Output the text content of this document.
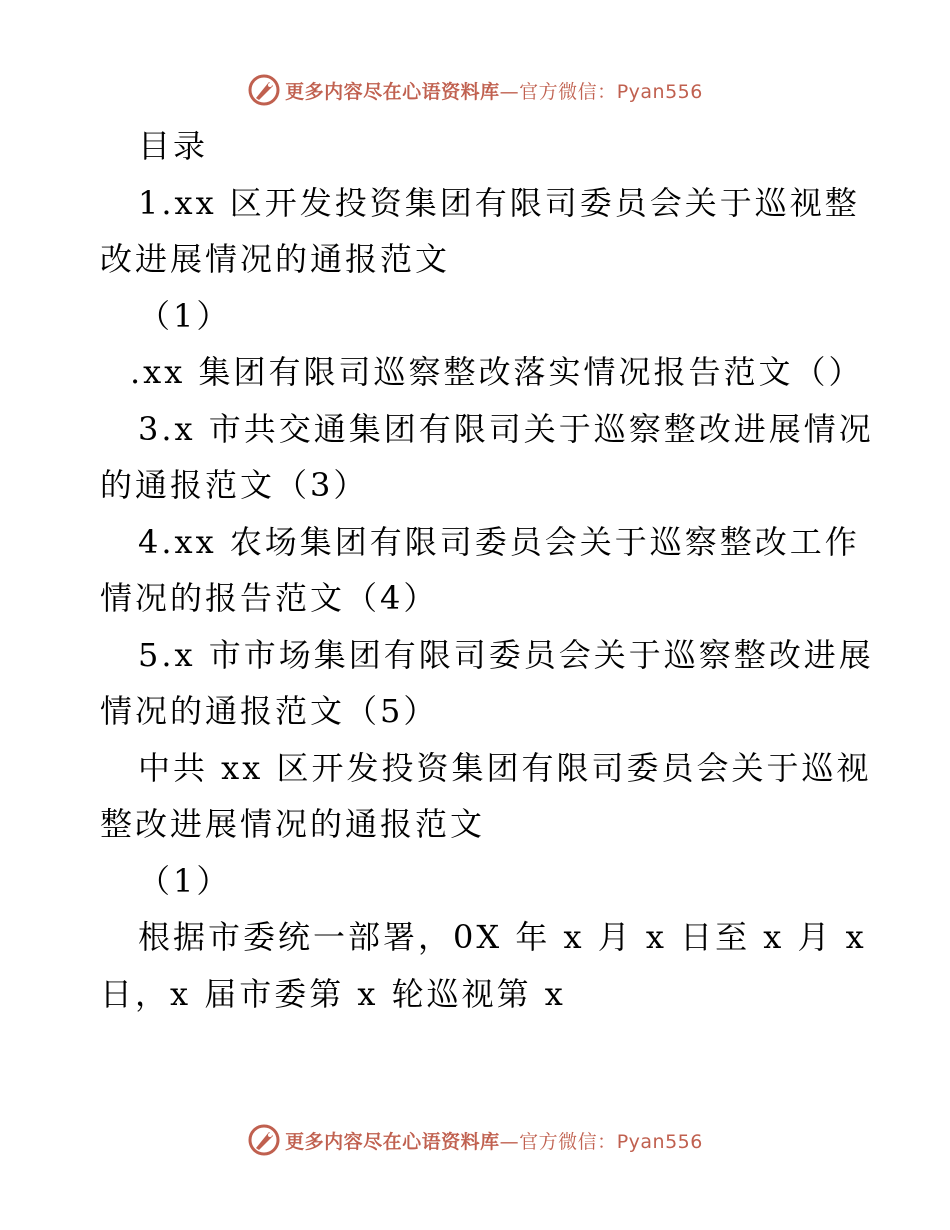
更多内容尽在心语资料库—官方微信：Pyan556
目录
1.xx 区开发投资集团有限司委员会关于巡视整
改进展情况的通报范文
（1）
.xx 集团有限司巡察整改落实情况报告范文（）
3.x 市共交通集团有限司关于巡察整改进展情况
的通报范文（3）
4.xx 农场集团有限司委员会关于巡察整改工作
情况的报告范文（4）
5.x 市市场集团有限司委员会关于巡察整改进展
情况的通报范文（5）
中共 xx 区开发投资集团有限司委员会关于巡视
整改进展情况的通报范文
（1）
根据市委统一部署，0X 年 x 月 x 日至 x 月 x
日，x 届市委第 x 轮巡视第 x
更多内容尽在心语资料库—官方微信：Pyan556
